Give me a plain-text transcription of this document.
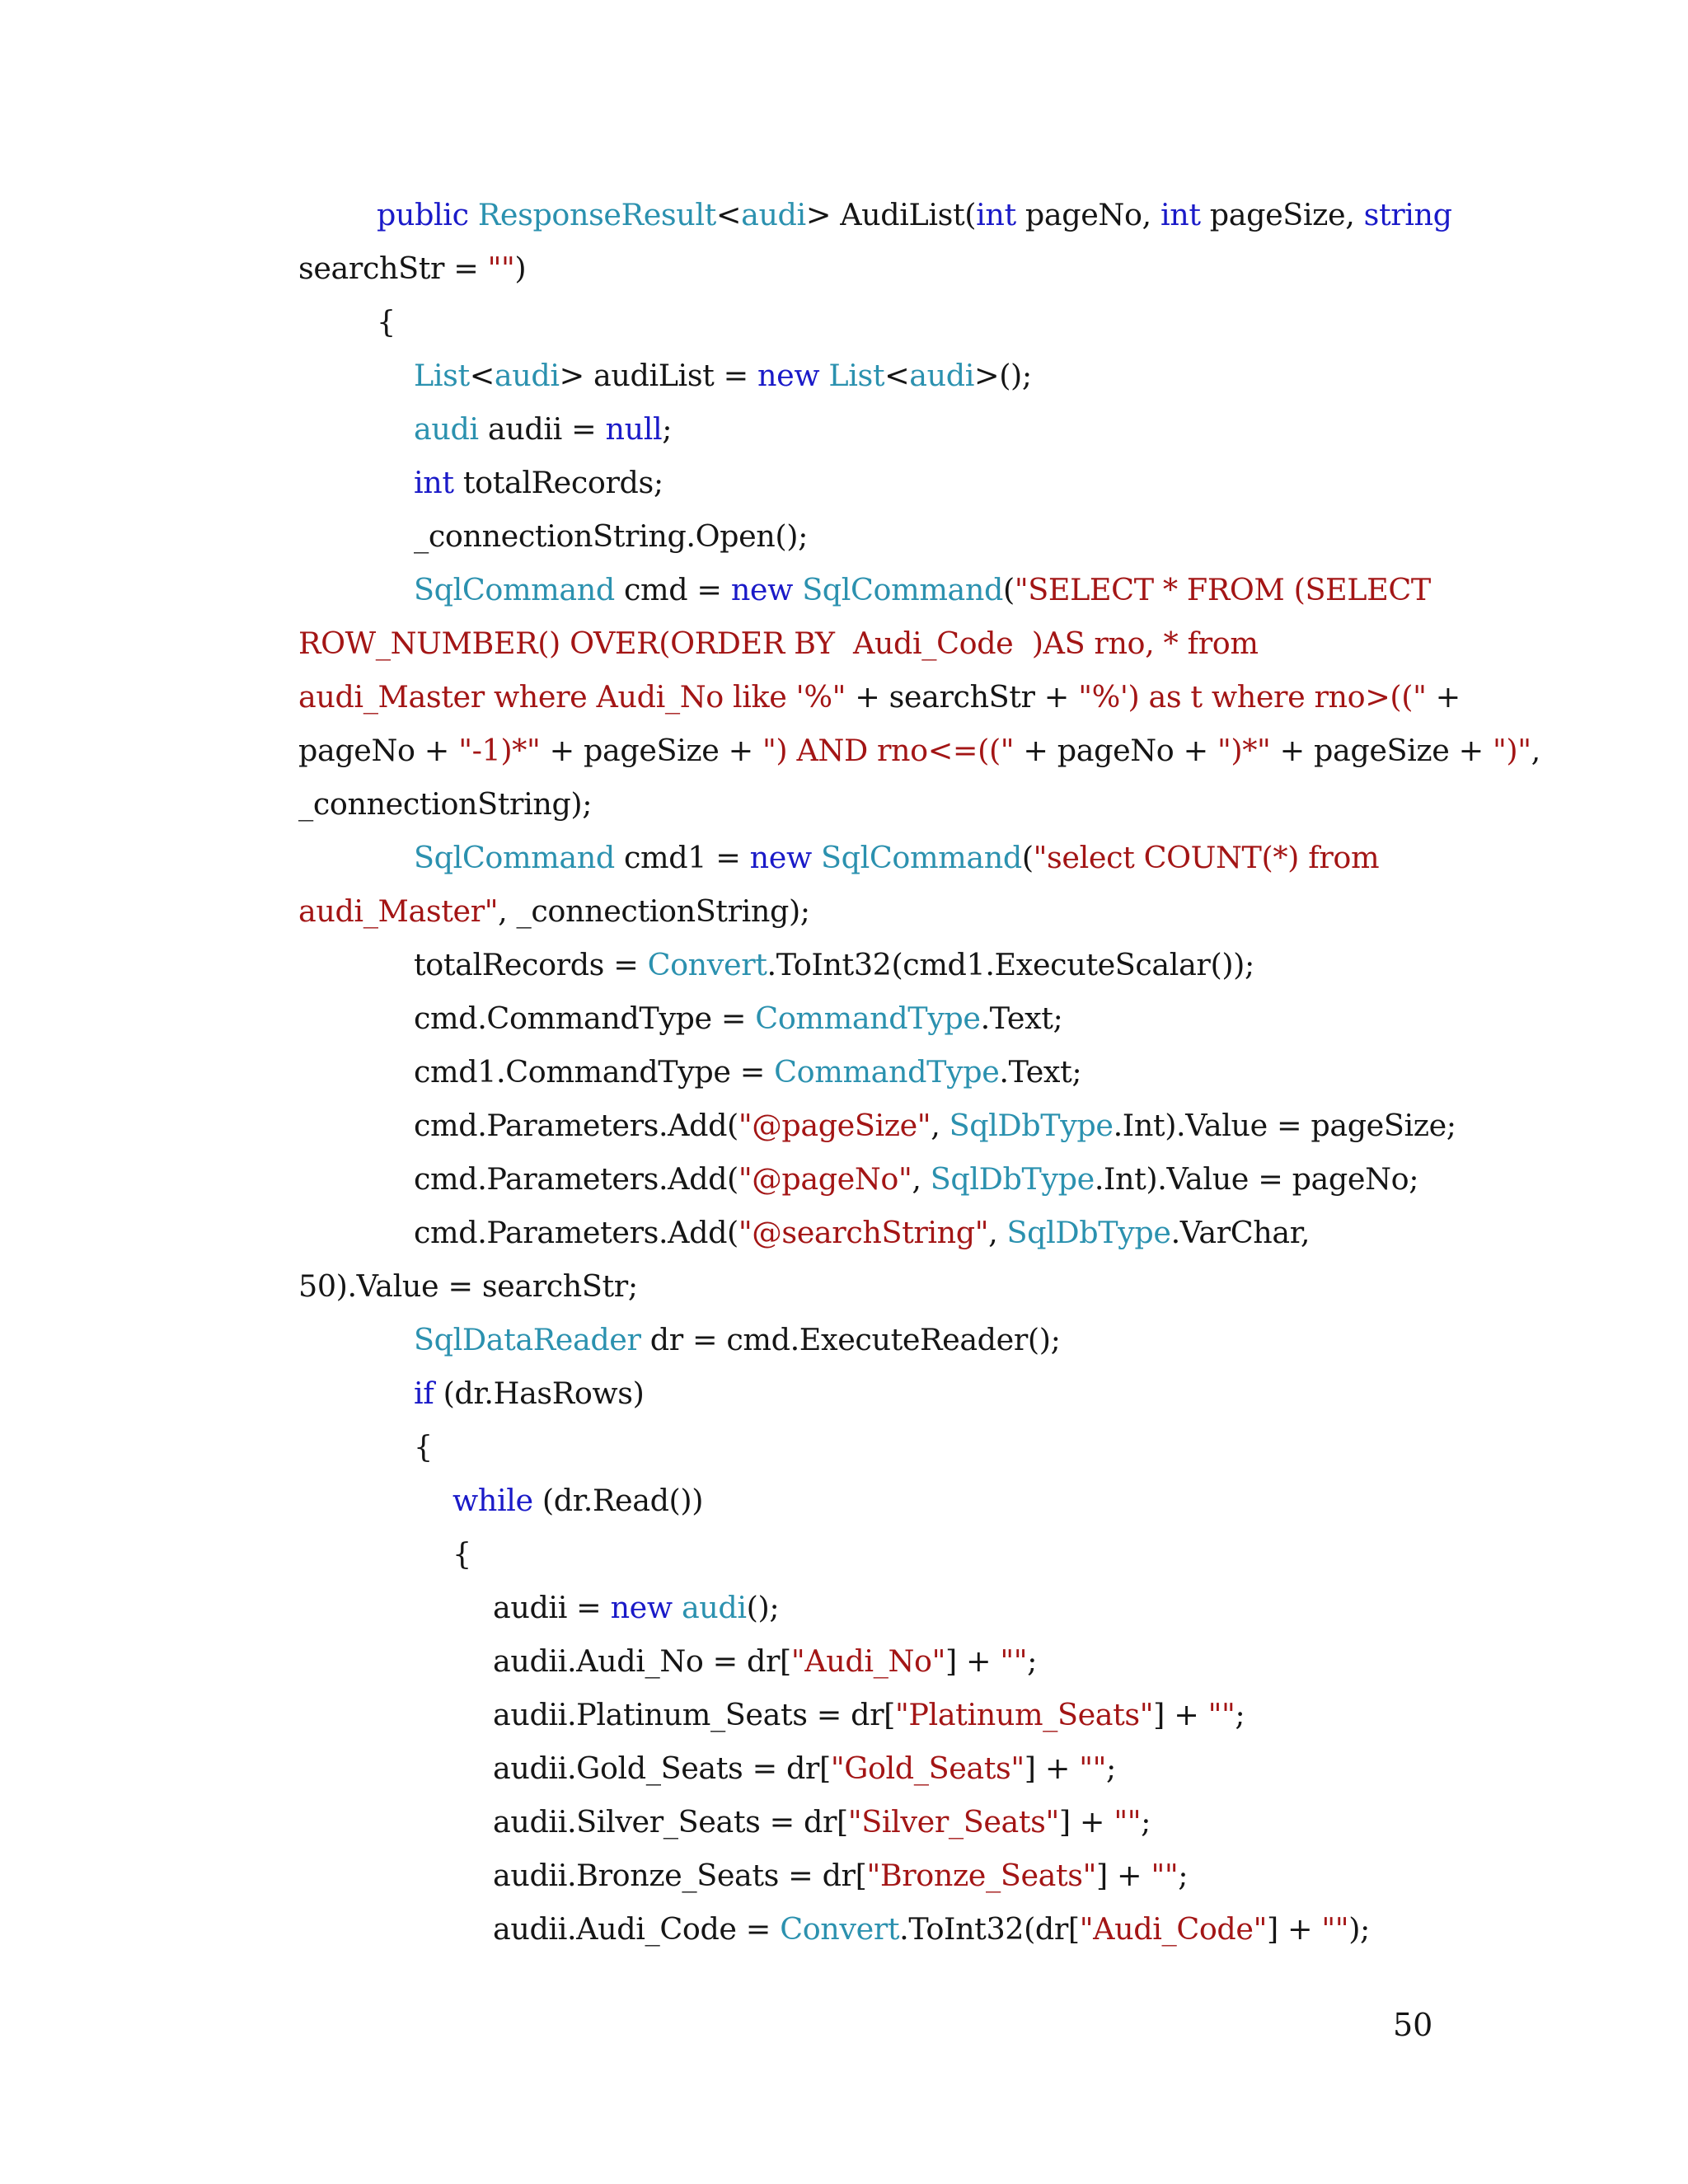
public ResponseResult<audi> AudiList(int pageNo, int pageSize, string
searchStr = "")
{
List<audi> audiList = new List<audi>();
audi audii = null;
int totalRecords;
_connectionString.Open();
SqlCommand cmd = new SqlCommand("SELECT * FROM (SELECT
ROW_NUMBER() OVER(ORDER BY  Audi_Code  )AS rno, * from
audi_Master where Audi_No like '%" + searchStr + "%') as t where rno>((" +
pageNo + "-1)*" + pageSize + ") AND rno<=((" + pageNo + ")*" + pageSize + ")",
_connectionString);
SqlCommand cmd1 = new SqlCommand("select COUNT(*) from
audi_Master", _connectionString);
totalRecords = Convert.ToInt32(cmd1.ExecuteScalar());
cmd.CommandType = CommandType.Text;
cmd1.CommandType = CommandType.Text;
cmd.Parameters.Add("@pageSize", SqlDbType.Int).Value = pageSize;
cmd.Parameters.Add("@pageNo", SqlDbType.Int).Value = pageNo;
cmd.Parameters.Add("@searchString", SqlDbType.VarChar,
50).Value = searchStr;
SqlDataReader dr = cmd.ExecuteReader();
if (dr.HasRows)
{
while (dr.Read())
{
audii = new audi();
audii.Audi_No = dr["Audi_No"] + "";
audii.Platinum_Seats = dr["Platinum_Seats"] + "";
audii.Gold_Seats = dr["Gold_Seats"] + "";
audii.Silver_Seats = dr["Silver_Seats"] + "";
audii.Bronze_Seats = dr["Bronze_Seats"] + "";
audii.Audi_Code = Convert.ToInt32(dr["Audi_Code"] + "");
50
